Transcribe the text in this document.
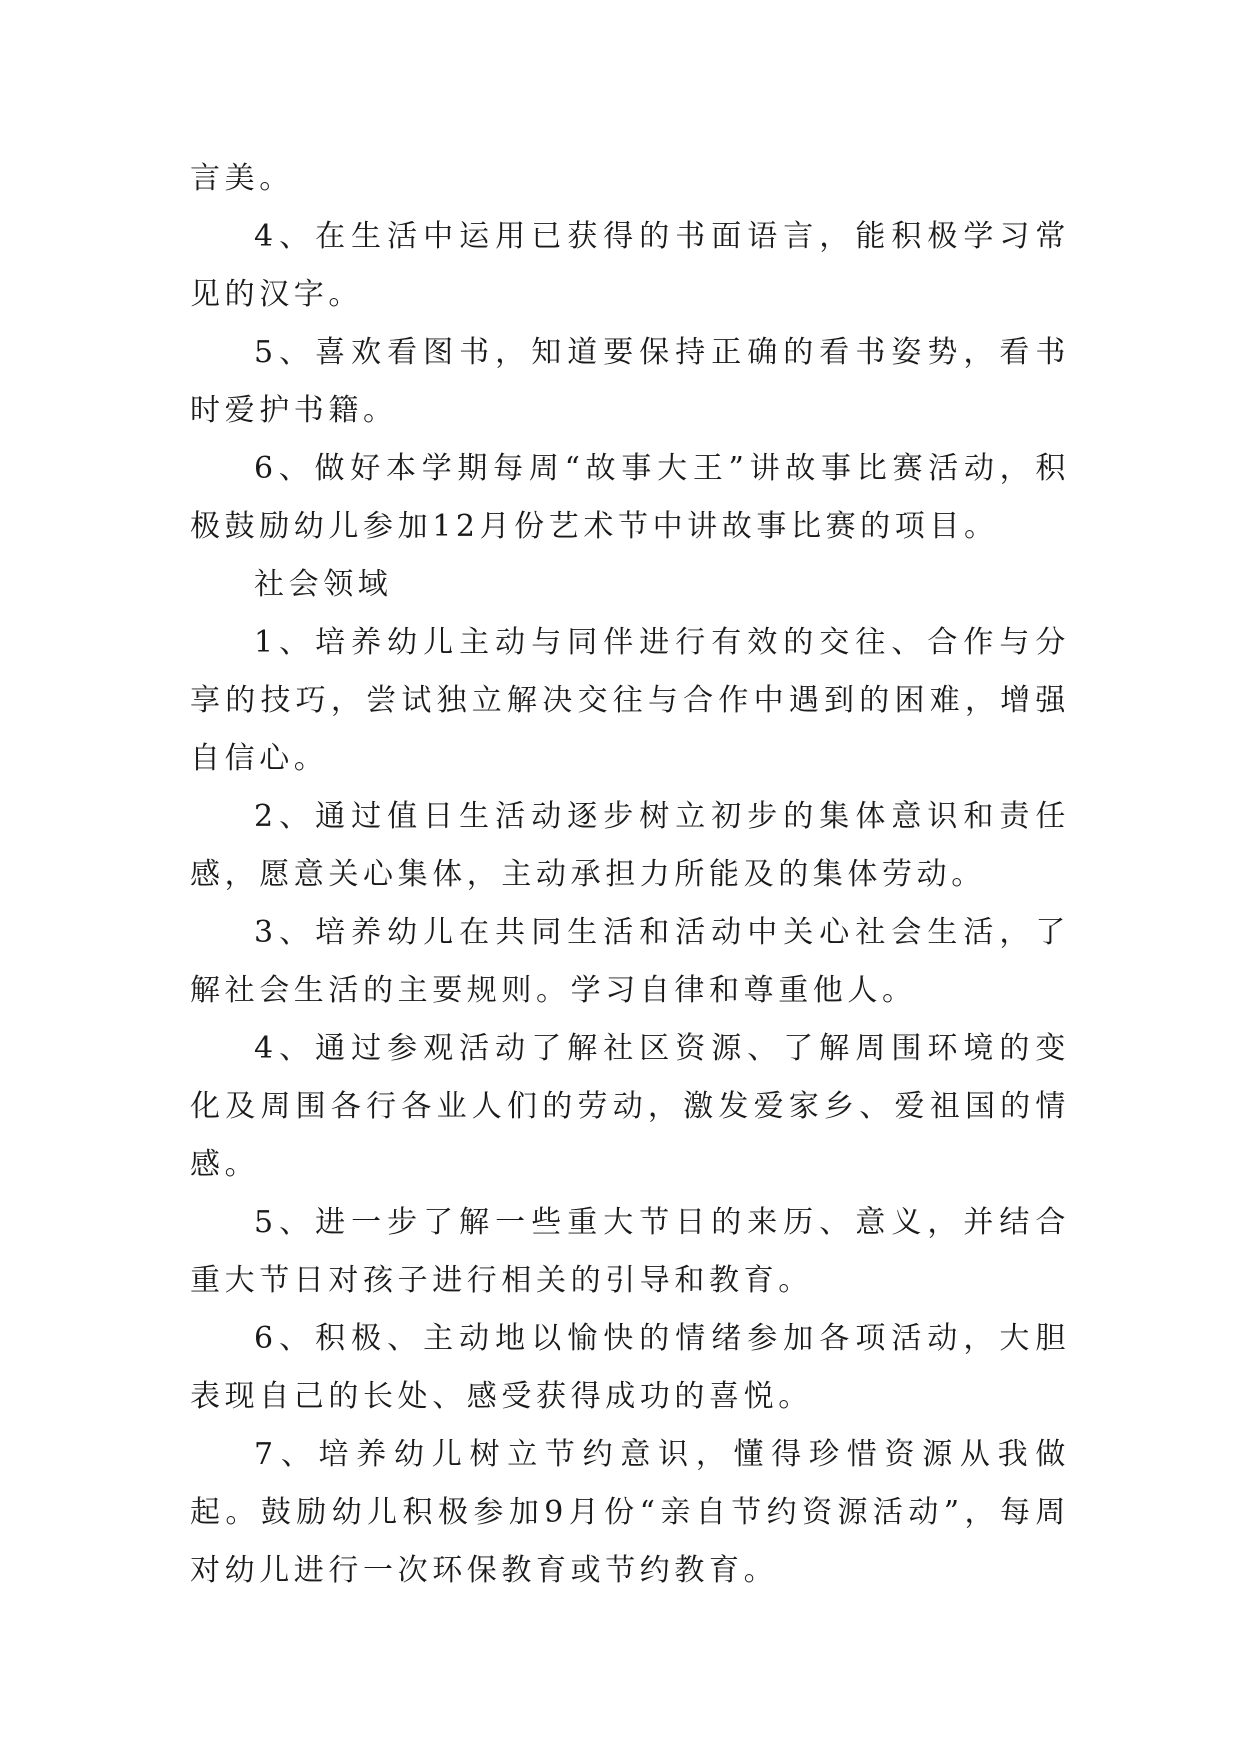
言美。

4、在生活中运用已获得的书面语言，能积极学习常见的汉字。

5、喜欢看图书，知道要保持正确的看书姿势，看书时爱护书籍。

6、做好本学期每周“故事大王”讲故事比赛活动，积极鼓励幼儿参加12月份艺术节中讲故事比赛的项目。

社会领域

1、培养幼儿主动与同伴进行有效的交往、合作与分享的技巧，尝试独立解决交往与合作中遇到的困难，增强自信心。

2、通过值日生活动逐步树立初步的集体意识和责任感，愿意关心集体，主动承担力所能及的集体劳动。

3、培养幼儿在共同生活和活动中关心社会生活，了解社会生活的主要规则。学习自律和尊重他人。

4、通过参观活动了解社区资源、了解周围环境的变化及周围各行各业人们的劳动，激发爱家乡、爱祖国的情感。

5、进一步了解一些重大节日的来历、意义，并结合重大节日对孩子进行相关的引导和教育。

6、积极、主动地以愉快的情绪参加各项活动，大胆表现自己的长处、感受获得成功的喜悦。

7、培养幼儿树立节约意识，懂得珍惜资源从我做起。鼓励幼儿积极参加9月份“亲自节约资源活动”，每周对幼儿进行一次环保教育或节约教育。
